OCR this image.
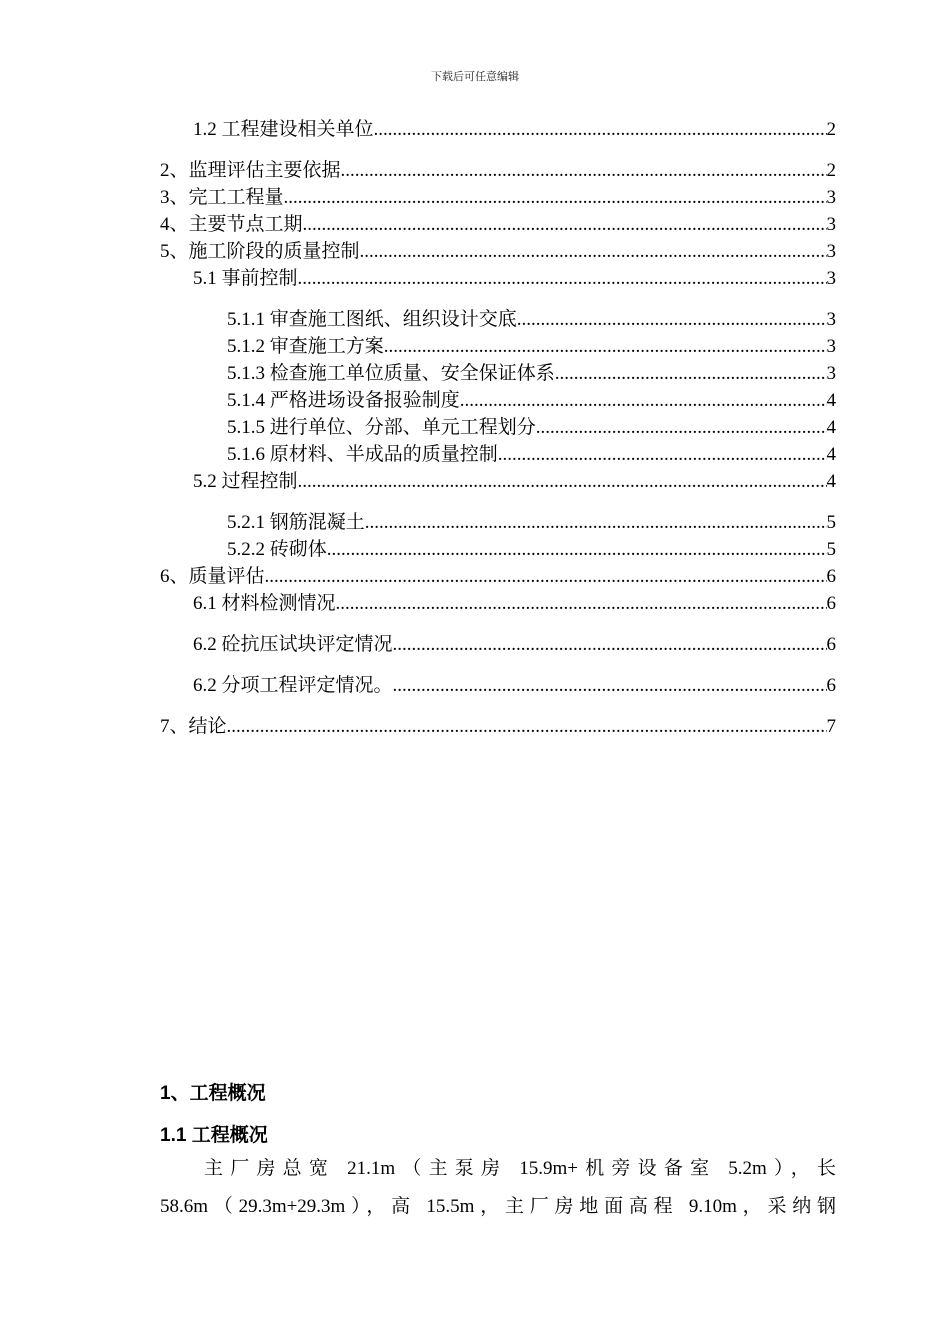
下载后可任意编辑
1.2 工程建设相关单位 .....	2
2、监理评估主要依据 .....	2
3、完工工程量 .....	3
4、主要节点工期 .....	3
5、施工阶段的质量控制 .....	3
5.1 事前控制 .....	3
5.1.1 审查施工图纸、组织设计交底 .....	3
5.1.2 审查施工方案 .....	3
5.1.3 检查施工单位质量、安全保证体系 .....	3
5.1.4 严格进场设备报验制度 .....	4
5.1.5 进行单位、分部、单元工程划分 .....	4
5.1.6 原材料、半成品的质量控制 .....	4
5.2 过程控制 .....	4
5.2.1 钢筋混凝土 .....	5
5.2.2 砖砌体 .....	5
6、质量评估 .....	6
6.1 材料检测情况 .....	6
6.2 砼抗压试块评定情况 .....	6
6.2 分项工程评定情况。 .....	6
7、结论 .....	7
1、工程概况
1.1 工程概况
主厂房总宽 21.1m（主泵房 15.9m+机旁设备室 5.2m），长
58.6m（29.3m+29.3m），高 15.5m，主厂房地面高程 9.10m，采纳钢
